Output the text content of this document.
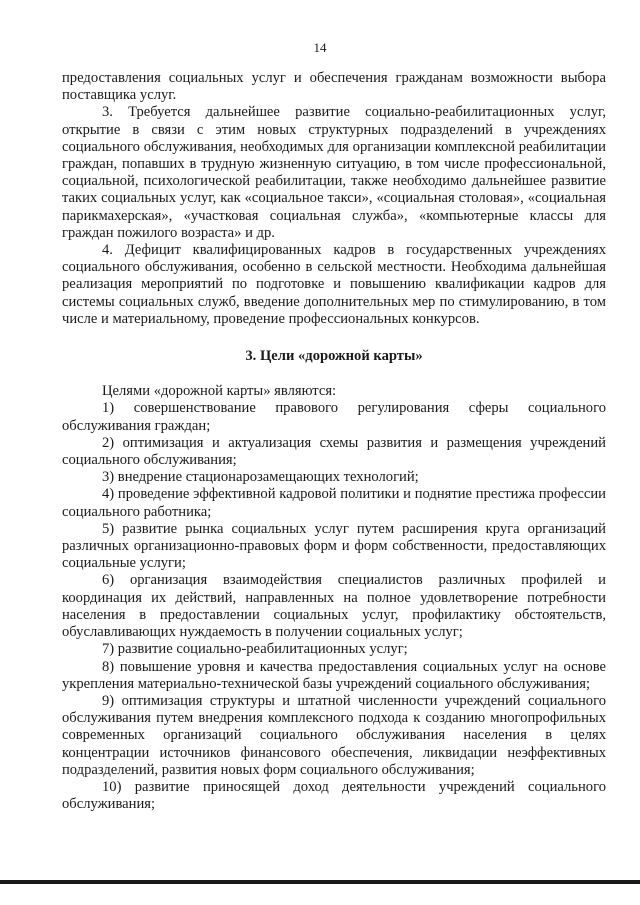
14

предоставления социальных услуг и обеспечения гражданам возможности выбора поставщика услуг.

3. Требуется дальнейшее развитие социально-реабилитационных услуг, открытие в связи с этим новых структурных подразделений в учреждениях социального обслуживания, необходимых для организации комплексной реабилитации граждан, попавших в трудную жизненную ситуацию, в том числе профессиональной, социальной, психологической реабилитации, также необходимо дальнейшее развитие таких социальных услуг, как «социальное такси», «социальная столовая», «социальная парикмахерская», «участковая социальная служба», «компьютерные классы для граждан пожилого возраста» и др.

4. Дефицит квалифицированных кадров в государственных учреждениях социального обслуживания, особенно в сельской местности. Необходима дальнейшая реализация мероприятий по подготовке и повышению квалификации кадров для системы социальных служб, введение дополнительных мер по стимулированию, в том числе и материальному, проведение профессиональных конкурсов.

3. Цели «дорожной карты»

Целями «дорожной карты» являются:

1) совершенствование правового регулирования сферы социального обслуживания граждан;

2) оптимизация и актуализация схемы развития и размещения учреждений социального обслуживания;

3) внедрение стационарозамещающих технологий;

4) проведение эффективной кадровой политики и поднятие престижа профессии социального работника;

5) развитие рынка социальных услуг путем расширения круга организаций различных организационно-правовых форм и форм собственности, предоставляющих социальные услуги;

6) организация взаимодействия специалистов различных профилей и координация их действий, направленных на полное удовлетворение потребности населения в предоставлении социальных услуг, профилактику обстоятельств, обуславливающих нуждаемость в получении социальных услуг;

7) развитие социально-реабилитационных услуг;

8) повышение уровня и качества предоставления социальных услуг на основе укрепления материально-технической базы учреждений социального обслуживания;

9) оптимизация структуры и штатной численности учреждений социального обслуживания путем внедрения комплексного подхода к созданию многопрофильных современных организаций социального обслуживания населения в целях концентрации источников финансового обеспечения, ликвидации неэффективных подразделений, развития новых форм социального обслуживания;

10) развитие приносящей доход деятельности учреждений социального обслуживания;
